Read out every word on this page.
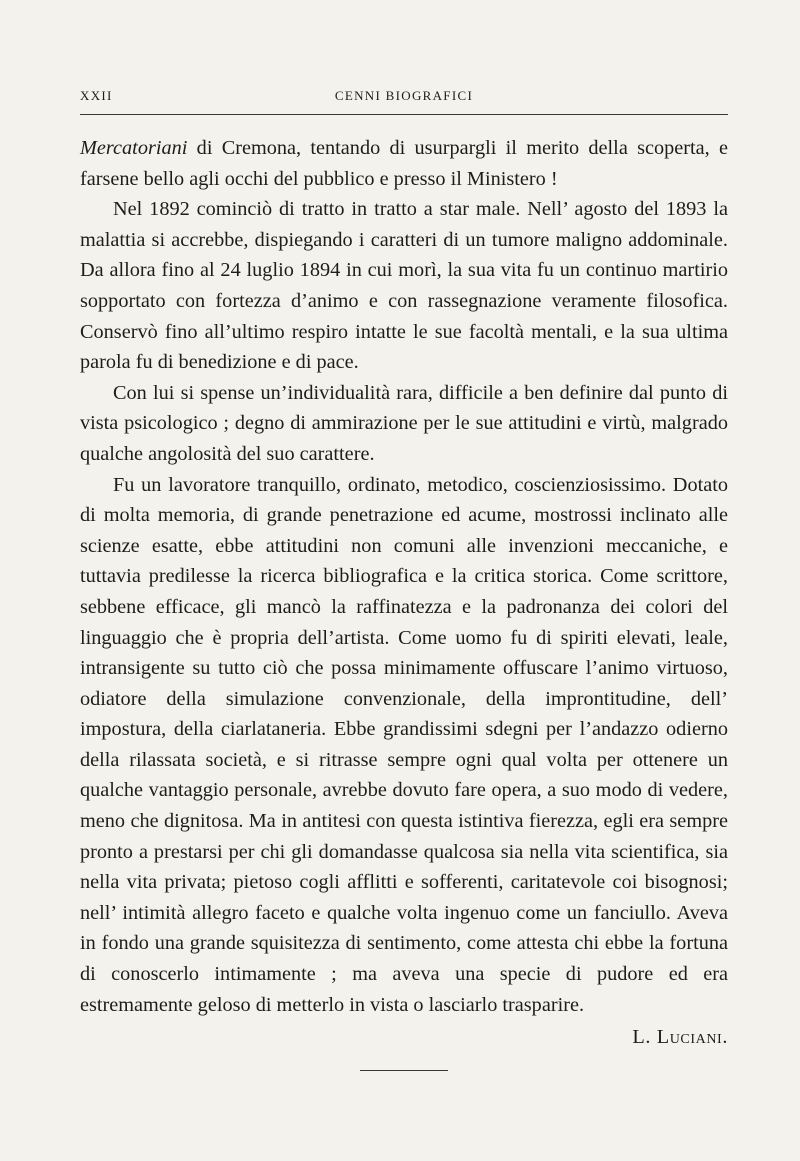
XXII	CENNI BIOGRAFICI

Mercatoriani di Cremona, tentando di usurpargli il merito della scoperta, e farsene bello agli occhi del pubblico e presso il Ministero !

Nel 1892 cominciò di tratto in tratto a star male. Nell’ agosto del 1893 la malattia si accrebbe, dispiegando i caratteri di un tumore maligno addominale. Da allora fino al 24 luglio 1894 in cui morì, la sua vita fu un continuo martirio sopportato con fortezza d’animo e con rassegnazione veramente filosofica. Conservò fino all’ultimo respiro intatte le sue facoltà mentali, e la sua ultima parola fu di benedizione e di pace.

Con lui si spense un’individualità rara, difficile a ben definire dal punto di vista psicologico ; degno di ammirazione per le sue attitudini e virtù, malgrado qualche angolosità del suo carattere.

Fu un lavoratore tranquillo, ordinato, metodico, coscienziosissimo. Dotato di molta memoria, di grande penetrazione ed acume, mostrossi inclinato alle scienze esatte, ebbe attitudini non comuni alle invenzioni meccaniche, e tuttavia predilesse la ricerca bibliografica e la critica storica. Come scrittore, sebbene efficace, gli mancò la raffinatezza e la padronanza dei colori del linguaggio che è propria dell’artista. Come uomo fu di spiriti elevati, leale, intransigente su tutto ciò che possa minimamente offuscare l’animo virtuoso, odiatore della simulazione convenzionale, della improntitudine, dell’ impostura, della ciarlataneria. Ebbe grandissimi sdegni per l’andazzo odierno della rilassata società, e si ritrasse sempre ogni qual volta per ottenere un qualche vantaggio personale, avrebbe dovuto fare opera, a suo modo di vedere, meno che dignitosa. Ma in antitesi con questa istintiva fierezza, egli era sempre pronto a prestarsi per chi gli domandasse qualcosa sia nella vita scientifica, sia nella vita privata; pietoso cogli afflitti e sofferenti, caritatevole coi bisognosi; nell’ intimità allegro faceto e qualche volta ingenuo come un fanciullo. Aveva in fondo una grande squisitezza di sentimento, come attesta chi ebbe la fortuna di conoscerlo intimamente ; ma aveva una specie di pudore ed era estremamente geloso di metterlo in vista o lasciarlo trasparire.

L. Luciani.
